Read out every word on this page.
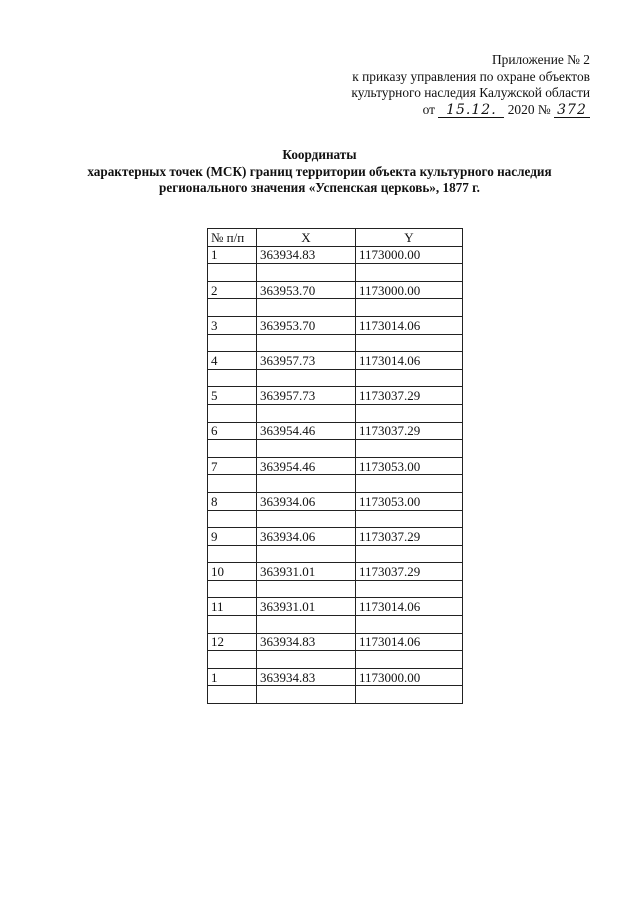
Приложение № 2
к приказу управления по охране объектов
культурного наследия Калужской области
от 15.12. 2020 № 372
Координаты
характерных точек (МСК) границ территории объекта культурного наследия
регионального значения «Успенская церковь», 1877 г.
№ п/п	X	Y
1	363934.83	1173000.00

2	363953.70	1173000.00

3	363953.70	1173014.06

4	363957.73	1173014.06

5	363957.73	1173037.29

6	363954.46	1173037.29

7	363954.46	1173053.00

8	363934.06	1173053.00

9	363934.06	1173037.29

10	363931.01	1173037.29

11	363931.01	1173014.06

12	363934.83	1173014.06

1	363934.83	1173000.00
